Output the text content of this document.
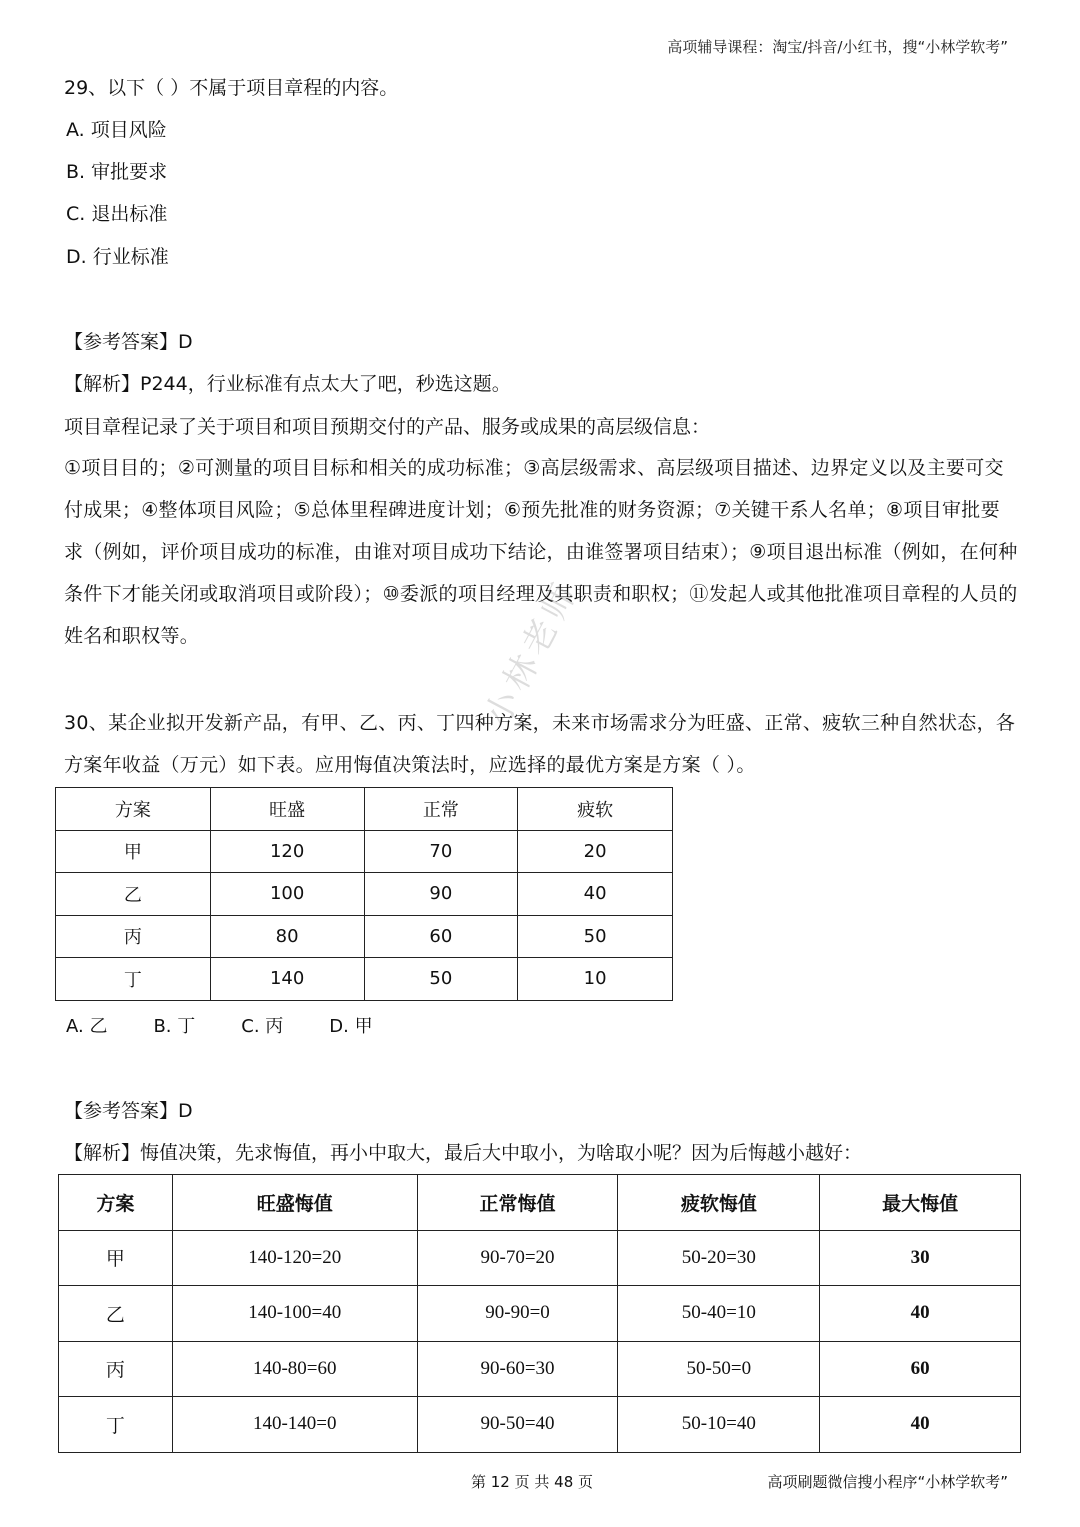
高项辅导课程：淘宝/抖音/小红书，搜“小林学软考”
29、以下（ ）不属于项目章程的内容。
A. 项目风险
B. 审批要求
C. 退出标准
D. 行业标准
【参考答案】D
【解析】P244，行业标准有点太大了吧，秒选这题。
项目章程记录了关于项目和项目预期交付的产品、服务或成果的高层级信息：
①项目目的；②可测量的项目目标和相关的成功标准；③高层级需求、高层级项目描述、边界定义以及主要可交付成果；④整体项目风险；⑤总体里程碑进度计划；⑥预先批准的财务资源；⑦关键干系人名单；⑧项目审批要求（例如，评价项目成功的标准，由谁对项目成功下结论，由谁签署项目结束）；⑨项目退出标准（例如，在何种条件下才能关闭或取消项目或阶段）；⑩委派的项目经理及其职责和职权；⑪发起人或其他批准项目章程的人员的姓名和职权等。
30、某企业拟开发新产品，有甲、乙、丙、丁四种方案，未来市场需求分为旺盛、正常、疲软三种自然状态，各方案年收益（万元）如下表。应用悔值决策法时，应选择的最优方案是方案（ ）。
小林老师
方案	旺盛	正常	疲软
甲	120	70	20
乙	100	90	40
丙	80	60	50
丁	140	50	10
A. 乙	B. 丁	C. 丙	D. 甲
【参考答案】D
【解析】悔值决策，先求悔值，再小中取大，最后大中取小，为啥取小呢？因为后悔越小越好：
方案	旺盛悔值	正常悔值	疲软悔值	最大悔值
甲	140-120=20	90-70=20	50-20=30	30
乙	140-100=40	90-90=0	50-40=10	40
丙	140-80=60	90-60=30	50-50=0	60
丁	140-140=0	90-50=40	50-10=40	40
第 12 页 共 48 页	高项刷题微信搜小程序“小林学软考”
